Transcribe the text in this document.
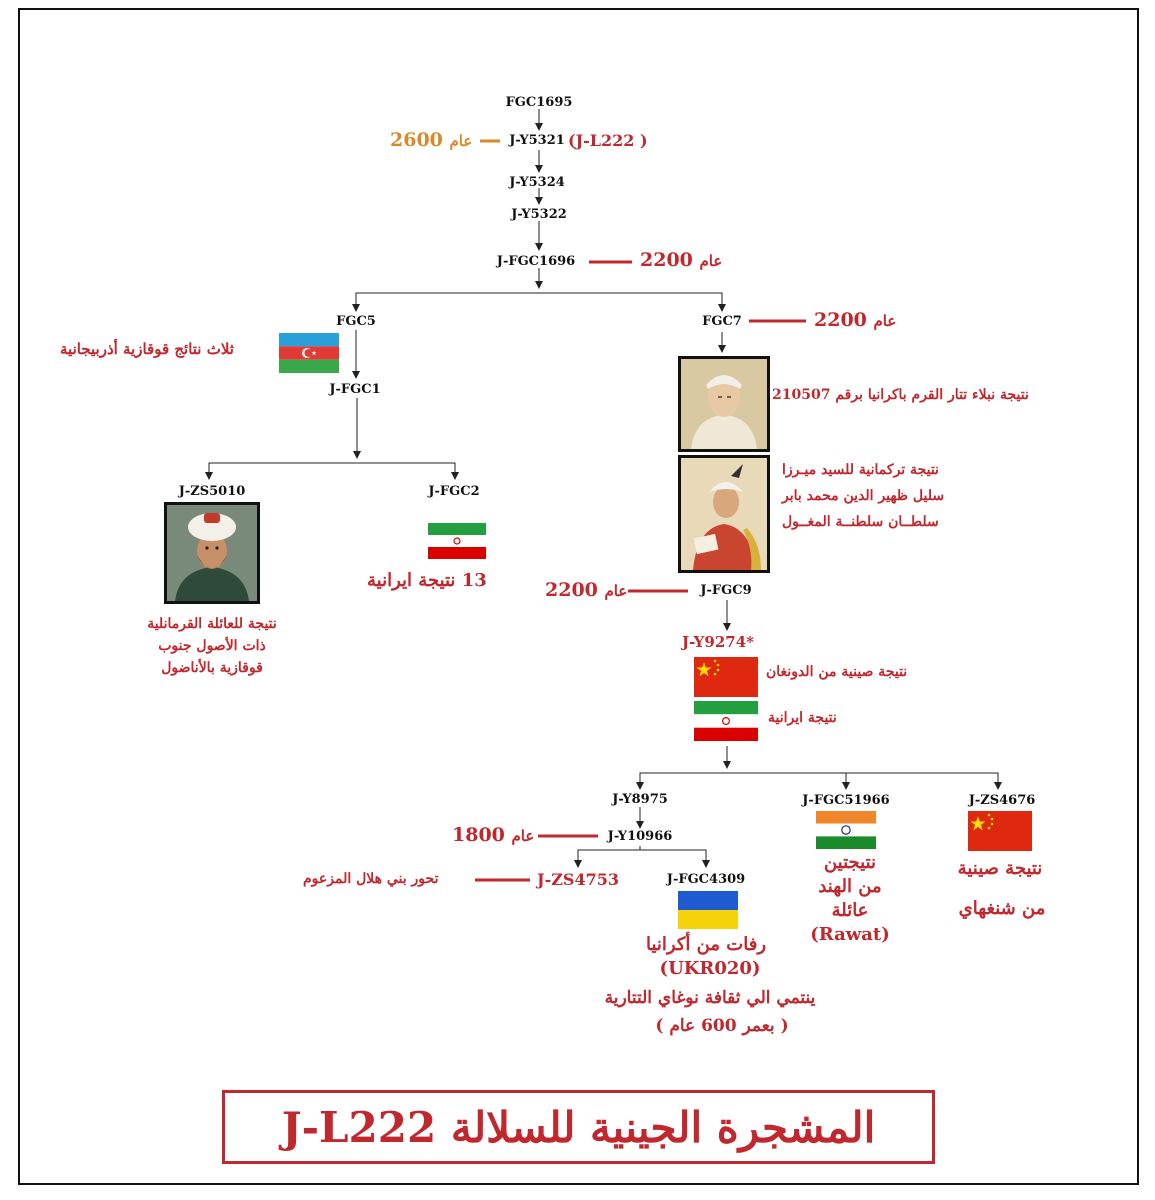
FGC1695
J-Y5321 (J-L222 )
J-Y5324
J-Y5322
J-FGC1696
FGC5
J-FGC1
J-ZS5010	J-FGC2
FGC7
J-FGC9
J-Y9274*
J-Y8975
J-Y10966
J-ZS4753	J-FGC4309
J-FGC51966	J-ZS4676
عام 2600
عام 2200
عام 2200
عام 2200
عام 1800
ثلاث نتائج قوقازية أذربيجانية
نتيجة نبلاء تتار القرم باكرانيا برقم 210507
نتيجة تركمانية للسيد ميـرزا
سليل ظهير الدين محمد بابر
سلطــان سلطنــة المغــول
نتيجة للعائلة القرمانلية
ذات الأصول جنوب
قوقازية بالأناضول
13 نتيجة ايرانية
نتيجة صينية من الدونغان
نتيجة ايرانية
تحور بني هلال المزعوم
رفات من أكرانيا
(UKR020)
ينتمي الي ثقافة نوغاي التتارية
( بعمر 600 عام )
نتيجتين
من الهند
عائلة
(Rawat)
نتيجة صينية
من شنغهاي
المشجرة الجينية للسلالة J-L222
